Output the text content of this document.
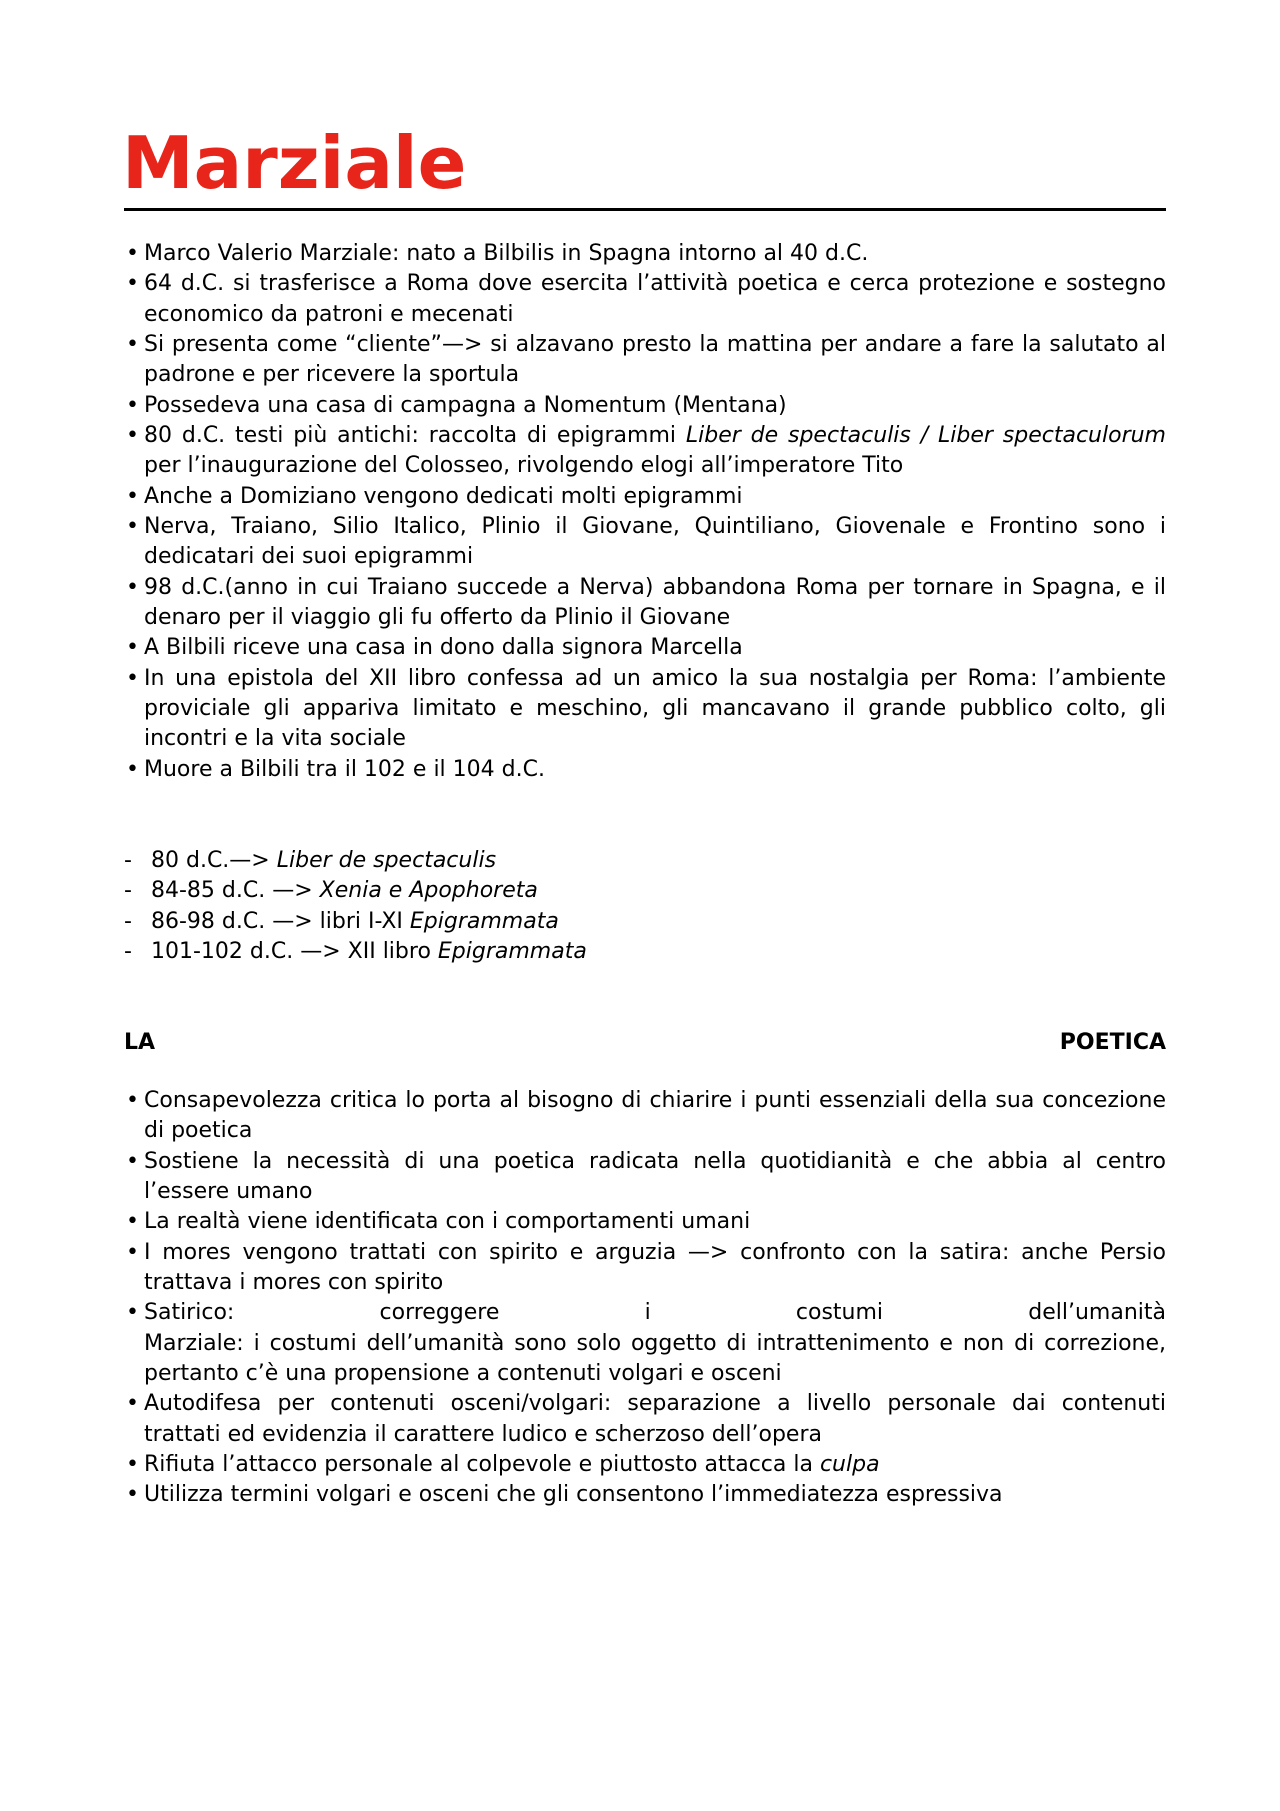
Marziale
• Marco Valerio Marziale: nato a Bilbilis in Spagna intorno al 40 d.C.
• 64 d.C. si trasferisce a Roma dove esercita l’attività poetica e cerca protezione e sostegno economico da patroni e mecenati
• Si presenta come “cliente”—> si alzavano presto la mattina per andare a fare la salutato al padrone e per ricevere la sportula
• Possedeva una casa di campagna a Nomentum (Mentana)
• 80 d.C. testi più antichi: raccolta di epigrammi Liber de spectaculis / Liber spectaculorum per l’inaugurazione del Colosseo, rivolgendo elogi all’imperatore Tito
• Anche a Domiziano vengono dedicati molti epigrammi
• Nerva, Traiano, Silio Italico, Plinio il Giovane, Quintiliano, Giovenale e Frontino sono i dedicatari dei suoi epigrammi
• 98 d.C.(anno in cui Traiano succede a Nerva) abbandona Roma per tornare in Spagna, e il denaro per il viaggio gli fu offerto da Plinio il Giovane
• A Bilbili riceve una casa in dono dalla signora Marcella
• In una epistola del XII libro confessa ad un amico la sua nostalgia per Roma: l’ambiente proviciale gli appariva limitato e meschino, gli mancavano il grande pubblico colto, gli incontri e la vita sociale
• Muore a Bilbili tra il 102 e il 104 d.C.
- 80 d.C.—> Liber de spectaculis
- 84-85 d.C. —> Xenia e Apophoreta
- 86-98 d.C. —> libri I-XI Epigrammata
- 101-102 d.C. —> XII libro Epigrammata
LA	POETICA
• Consapevolezza critica lo porta al bisogno di chiarire i punti essenziali della sua concezione di poetica
• Sostiene la necessità di una poetica radicata nella quotidianità e che abbia al centro l’essere umano
• La realtà viene identificata con i comportamenti umani
• I mores vengono trattati con spirito e arguzia —> confronto con la satira: anche Persio trattava i mores con spirito
• Satirico: correggere i costumi dell’umanità
Marziale: i costumi dell’umanità sono solo oggetto di intrattenimento e non di correzione, pertanto c’è una propensione a contenuti volgari e osceni
• Autodifesa per contenuti osceni/volgari: separazione a livello personale dai contenuti trattati ed evidenzia il carattere ludico e scherzoso dell’opera
• Rifiuta l’attacco personale al colpevole e piuttosto attacca la culpa
• Utilizza termini volgari e osceni che gli consentono l’immediatezza espressiva
